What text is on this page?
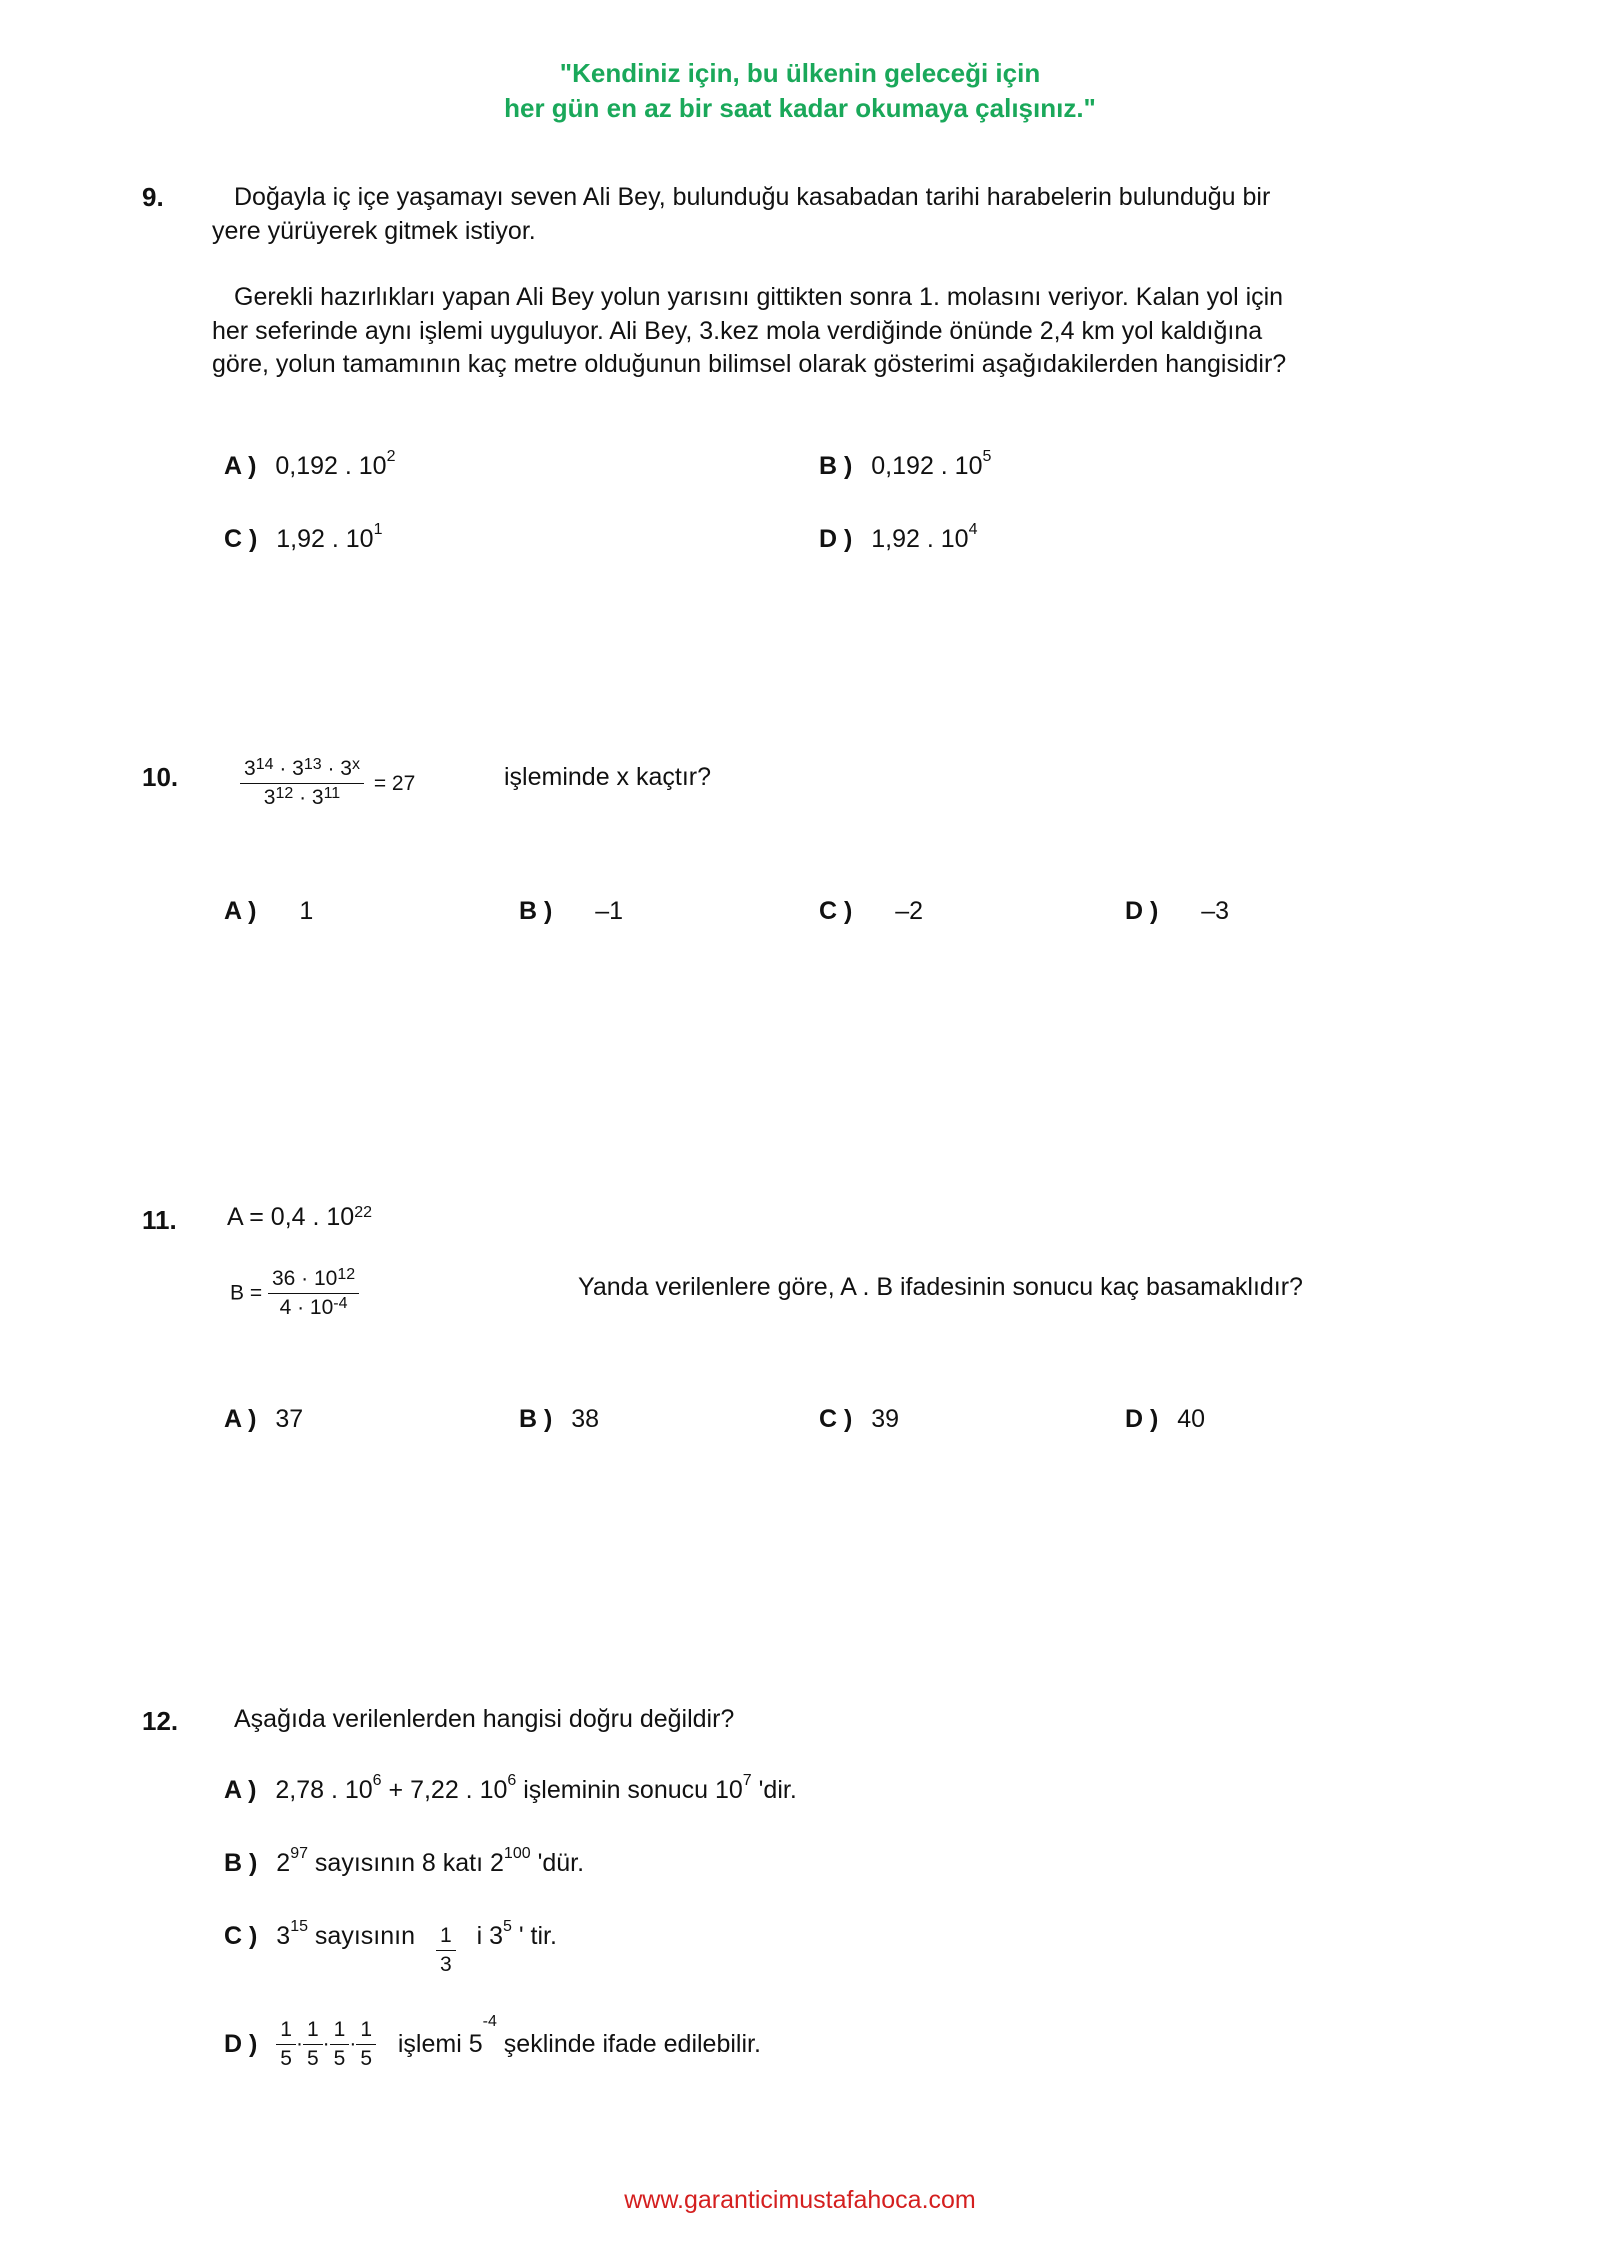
"Kendiniz için, bu ülkenin geleceği için
her gün en az bir saat kadar okumaya çalışınız."
9.	Doğayla iç içe yaşamayı seven Ali Bey, bulunduğu kasabadan tarihi harabelerin bulunduğu bir
yere yürüyerek gitmek istiyor.
Gerekli hazırlıkları yapan Ali Bey yolun yarısını gittikten sonra 1. molasını veriyor. Kalan yol için
her seferinde aynı işlemi uyguluyor. Ali Bey, 3.kez mola verdiğinde önünde 2,4 km yol kaldığına
göre, yolun tamamının kaç metre olduğunun bilimsel olarak gösterimi aşağıdakilerden hangisidir?
A ) 0,192 . $10^2$	B ) 0,192 . $10^5$
C ) 1,92 . $10^1$	D ) 1,92 . $10^4$
10.	$\frac{3^{14} \cdot 3^{13} \cdot 3^x}{3^{12} \cdot 3^{11}} = 27$	işleminde x kaçtır?
A ) 1	B ) –1	C ) –2	D ) –3
11. A = 0,4 . $10^{22}$
$B = \frac{36 \cdot 10^{12}}{4 \cdot 10^{-4}}$	Yanda verilenlere göre, A . B ifadesinin sonucu kaç basamaklıdır?
A ) 37	B ) 38	C ) 39	D ) 40
12. Aşağıda verilenlerden hangisi doğru değildir?
A ) 2,78 . $10^6 + 7,22$ . $10^6$ işleminin sonucu $10^7$ 'dir.
B ) $2^{97}$ sayısının 8 katı $2^{100}$ 'dür.
C ) $3^{15}$ sayısının $\frac{1}{3}$ i $3^5$ ' tir.
D ) $\frac{1}{5} \cdot \frac{1}{5} \cdot \frac{1}{5} \cdot \frac{1}{5}$ işlemi $5^{-4}$ şeklinde ifade edilebilir.
www.garanticimustafahoca.com
